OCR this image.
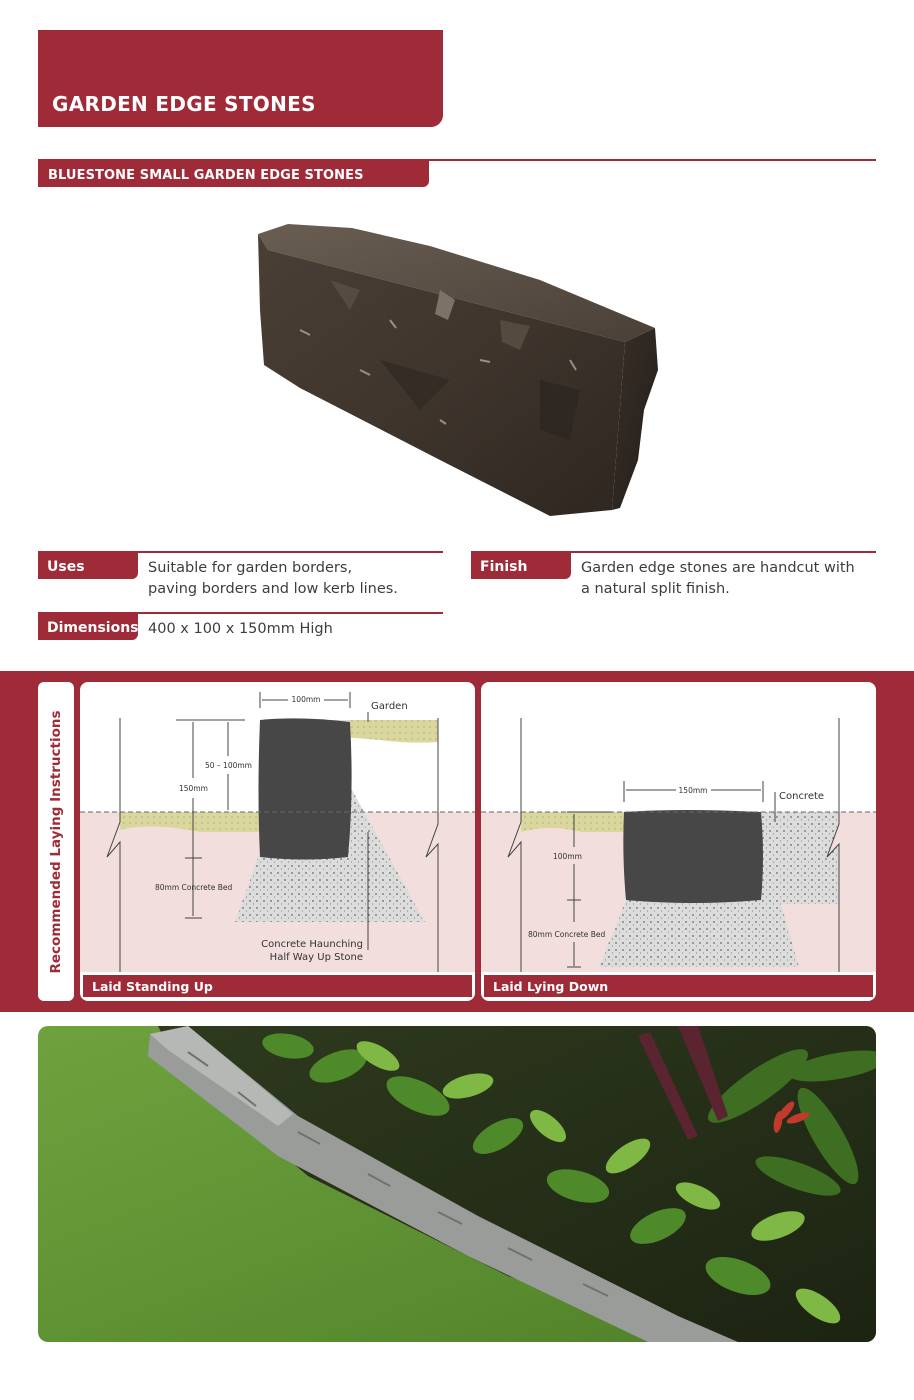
GARDEN EDGE STONES
BLUESTONE SMALL GARDEN EDGE STONES
Uses	Suitable for garden borders,
paving borders and low kerb lines.
Finish	Garden edge stones are handcut with
a natural split finish.
Dimensions 400 x 100 x 150mm High
Recommended Laying Instructions
100mm
Garden
50 – 100mm
150mm
80mm Concrete Bed
Concrete Haunching
Half Way Up Stone
Laid Standing Up
150mm
Concrete
100mm
80mm Concrete Bed
Laid Lying Down
